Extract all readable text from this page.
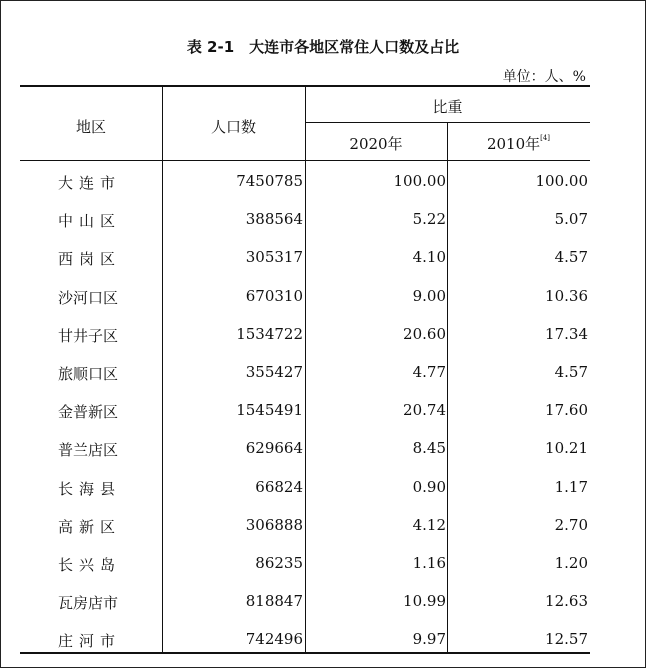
表 2-1　大连市各地区常住人口数及占比
单位：人、%
地区	人口数
比重
2020年	2010年[4]
大连市	7450785	100.00	100.00
中山区	388564	5.22	5.07
西岗区	305317	4.10	4.57
沙河口区	670310	9.00	10.36
甘井子区	1534722	20.60	17.34
旅顺口区	355427	4.77	4.57
金普新区	1545491	20.74	17.60
普兰店区	629664	8.45	10.21
长海县	66824	0.90	1.17
高新区	306888	4.12	2.70
长兴岛	86235	1.16	1.20
瓦房店市	818847	10.99	12.63
庄河市	742496	9.97	12.57
